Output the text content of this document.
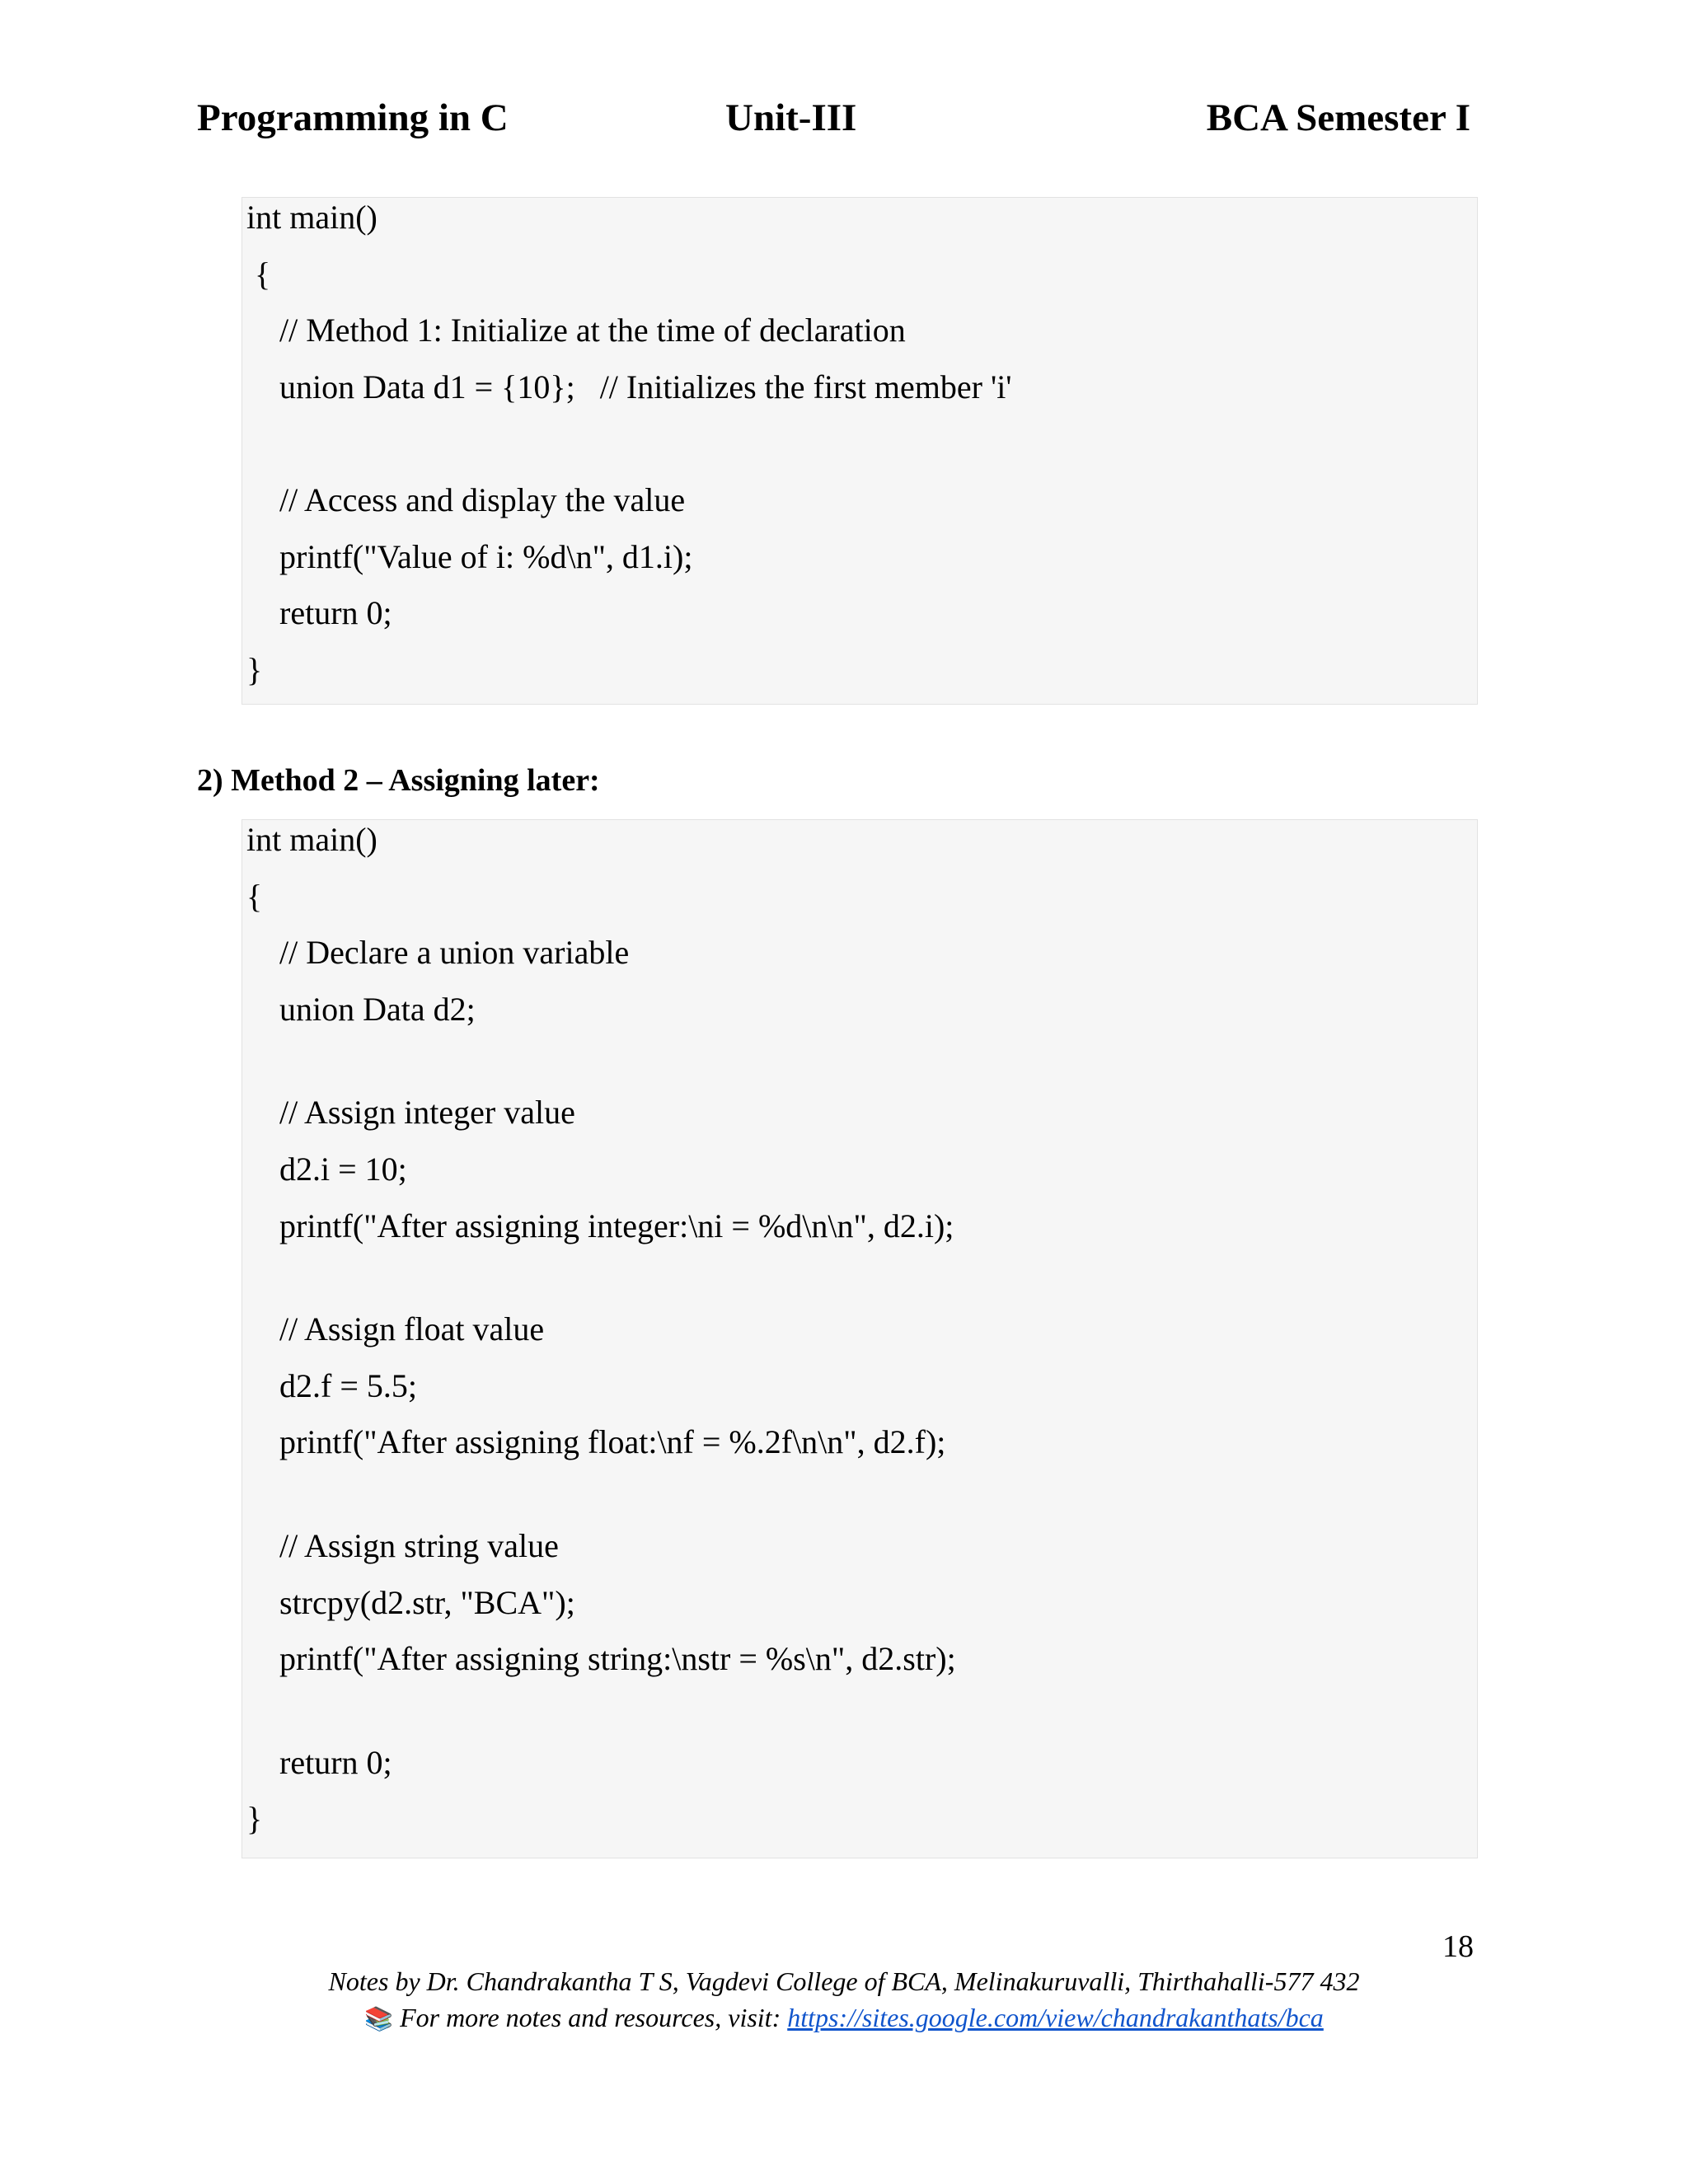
Programming in C	Unit-III	BCA Semester I
int main()
{
// Method 1: Initialize at the time of declaration
union Data d1 = {10};   // Initializes the first member 'i'
// Access and display the value
printf("Value of i: %d\n", d1.i);
return 0;
}
2) Method 2 – Assigning later:
int main()
{
// Declare a union variable
union Data d2;
// Assign integer value
d2.i = 10;
printf("After assigning integer:\ni = %d\n\n", d2.i);
// Assign float value
d2.f = 5.5;
printf("After assigning float:\nf = %.2f\n\n", d2.f);
// Assign string value
strcpy(d2.str, "BCA");
printf("After assigning string:\nstr = %s\n", d2.str);
return 0;
}
18
Notes by Dr. Chandrakantha T S, Vagdevi College of BCA, Melinakuruvalli, Thirthahalli-577 432
📚 For more notes and resources, visit: https://sites.google.com/view/chandrakanthats/bca
